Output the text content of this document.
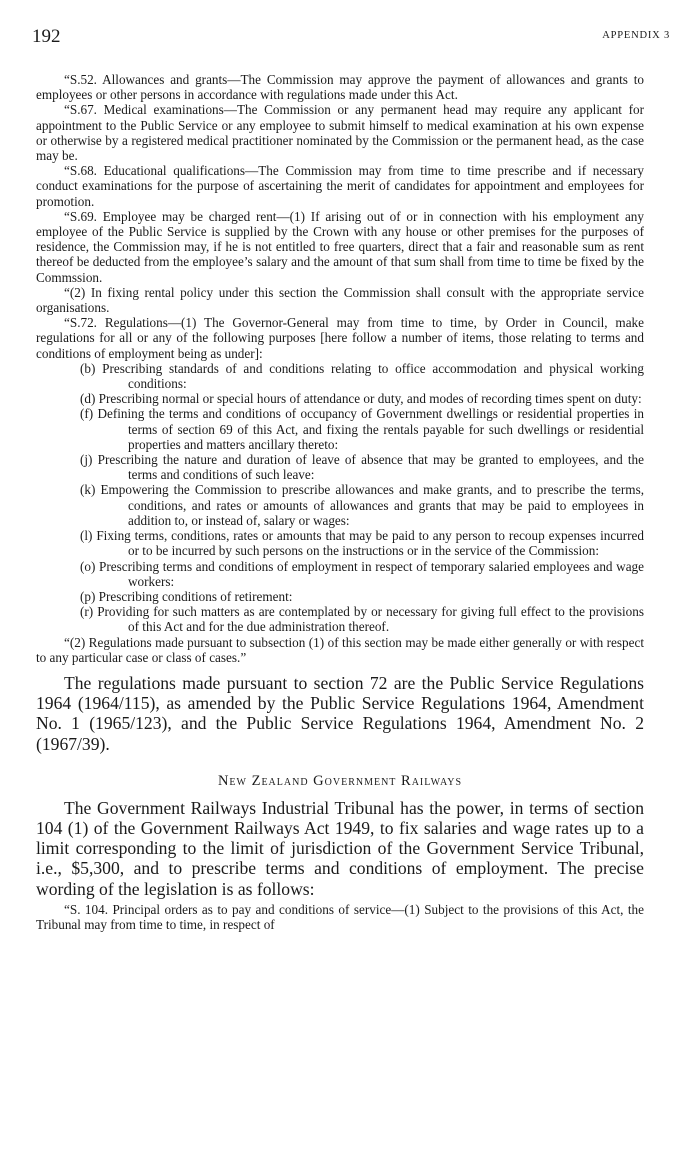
192	APPENDIX 3

“S.52. Allowances and grants—The Commission may approve the payment of allowances and grants to employees or other persons in accordance with regulations made under this Act.

“S.67. Medical examinations—The Commission or any permanent head may require any applicant for appointment to the Public Service or any employee to submit himself to medical examination at his own expense or otherwise by a registered medical practitioner nominated by the Commission or the permanent head, as the case may be.

“S.68. Educational qualifications—The Commission may from time to time prescribe and if necessary conduct examinations for the purpose of ascertaining the merit of candidates for appointment and employees for promotion.

“S.69. Employee may be charged rent—(1) If arising out of or in connection with his employment any employee of the Public Service is supplied by the Crown with any house or other premises for the purposes of residence, the Commission may, if he is not entitled to free quarters, direct that a fair and reasonable sum as rent thereof be deducted from the employee’s salary and the amount of that sum shall from time to time be fixed by the Commssion.

“(2) In fixing rental policy under this section the Commission shall consult with the appropriate service organisations.

“S.72. Regulations—(1) The Governor-General may from time to time, by Order in Council, make regulations for all or any of the following purposes [here follow a number of items, those relating to terms and conditions of employment being as under]:

(b) Prescribing standards of and conditions relating to office accommodation and physical working conditions:
(d) Prescribing normal or special hours of attendance or duty, and modes of recording times spent on duty:
(f) Defining the terms and conditions of occupancy of Government dwellings or residential properties in terms of section 69 of this Act, and fixing the rentals payable for such dwellings or residential properties and matters ancillary thereto:
(j) Prescribing the nature and duration of leave of absence that may be granted to employees, and the terms and conditions of such leave:
(k) Empowering the Commission to prescribe allowances and make grants, and to prescribe the terms, conditions, and rates or amounts of allowances and grants that may be paid to employees in addition to, or instead of, salary or wages:
(l) Fixing terms, conditions, rates or amounts that may be paid to any person to recoup expenses incurred or to be incurred by such persons on the instructions or in the service of the Commission:
(o) Prescribing terms and conditions of employment in respect of temporary salaried employees and wage workers:
(p) Prescribing conditions of retirement:
(r) Providing for such matters as are contemplated by or necessary for giving full effect to the provisions of this Act and for the due administration thereof.

“(2) Regulations made pursuant to subsection (1) of this section may be made either generally or with respect to any particular case or class of cases.”

The regulations made pursuant to section 72 are the Public Service Regulations 1964 (1964/115), as amended by the Public Service Regulations 1964, Amendment No. 1 (1965/123), and the Public Service Regulations 1964, Amendment No. 2 (1967/39).

New Zealand Government Railways

The Government Railways Industrial Tribunal has the power, in terms of section 104 (1) of the Government Railways Act 1949, to fix salaries and wage rates up to a limit corresponding to the limit of jurisdiction of the Government Service Tribunal, i.e., $5,300, and to prescribe terms and conditions of employment. The precise wording of the legislation is as follows:

“S. 104. Principal orders as to pay and conditions of service—(1) Subject to the provisions of this Act, the Tribunal may from time to time, in respect of
